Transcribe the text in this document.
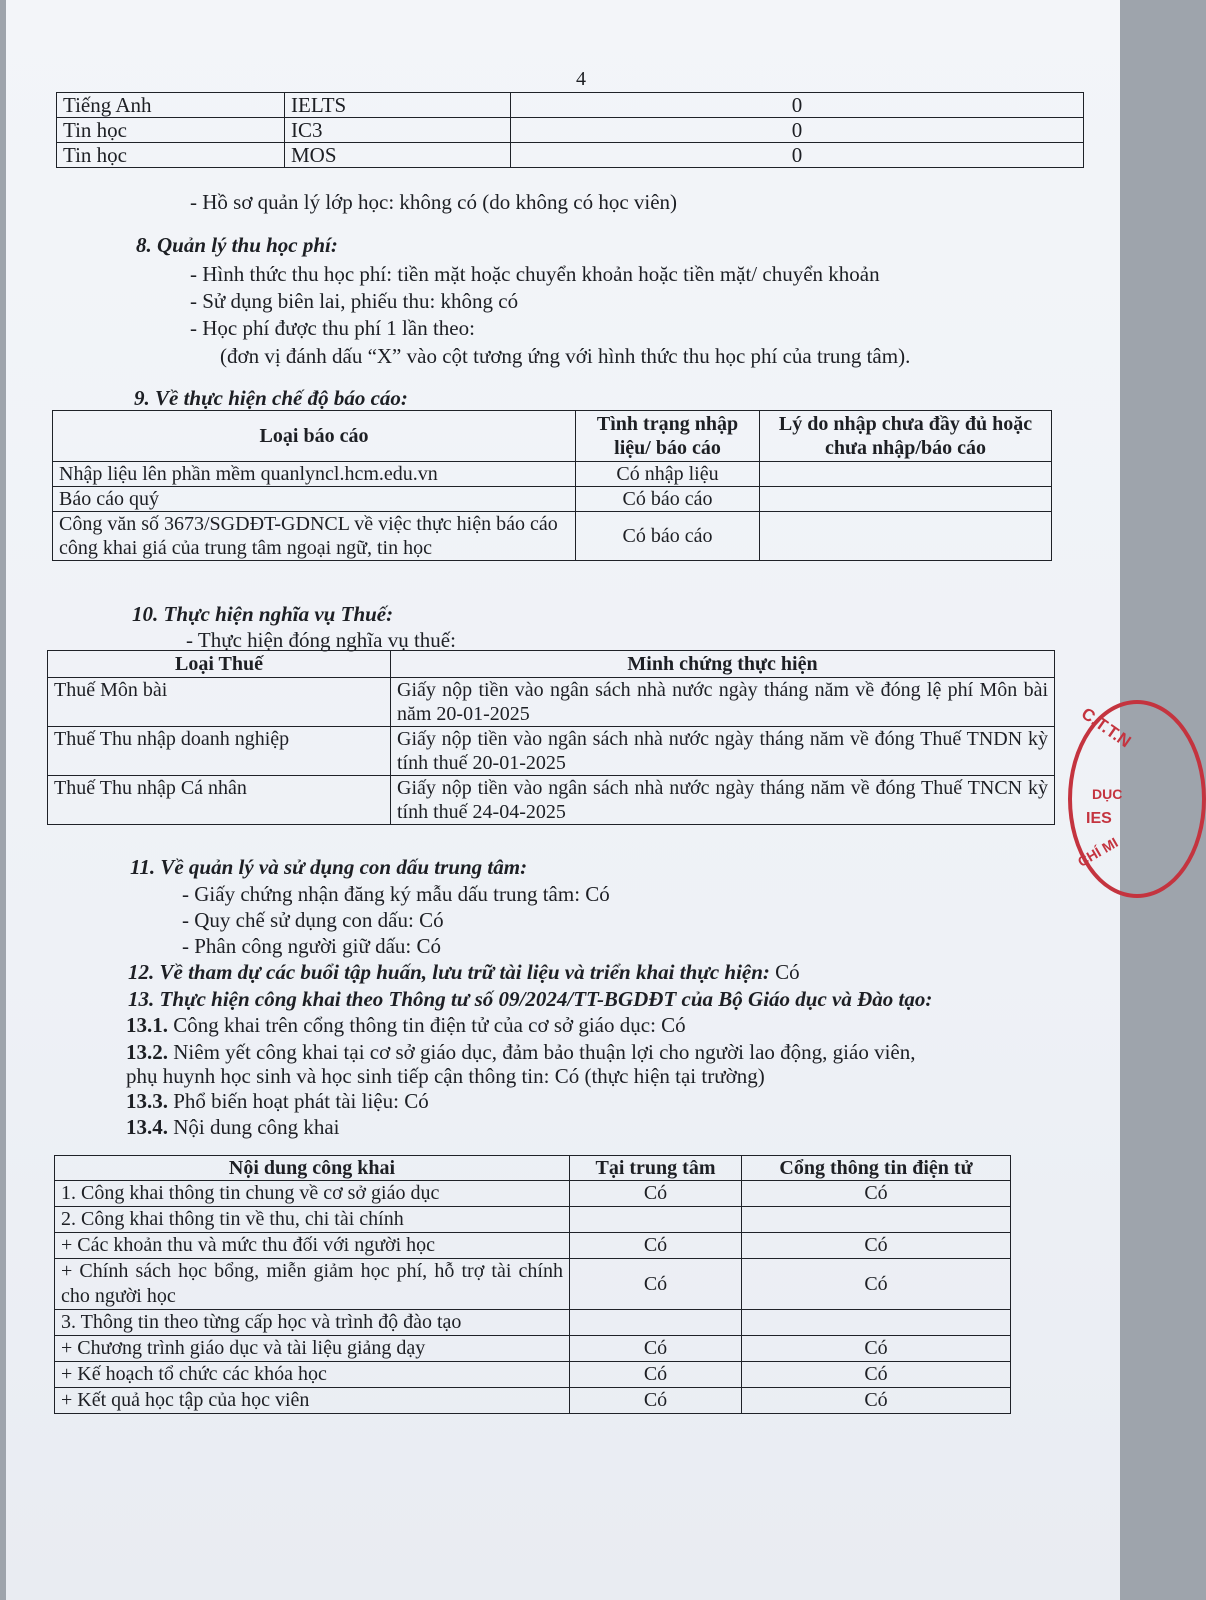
4
Tiếng Anh	IELTS	0
Tin học	IC3	0
Tin học	MOS	0
- Hồ sơ quản lý lớp học: không có (do không có học viên)
8. Quản lý thu học phí:
- Hình thức thu học phí: tiền mặt hoặc chuyển khoản hoặc tiền mặt/ chuyển khoản
- Sử dụng biên lai, phiếu thu: không có
- Học phí được thu phí 1 lần theo:
(đơn vị đánh dấu “X” vào cột tương ứng với hình thức thu học phí của trung tâm).
9. Về thực hiện chế độ báo cáo:
Loại báo cáo	Tình trạng nhập liệu/ báo cáo	Lý do nhập chưa đầy đủ hoặc chưa nhập/báo cáo
Nhập liệu lên phần mềm quanlyncl.hcm.edu.vn	Có nhập liệu	
Báo cáo quý	Có báo cáo	
Công văn số 3673/SGDĐT-GDNCL về việc thực hiện báo cáo công khai giá của trung tâm ngoại ngữ, tin học	Có báo cáo	
10. Thực hiện nghĩa vụ Thuế:
- Thực hiện đóng nghĩa vụ thuế:
Loại Thuế	Minh chứng thực hiện
Thuế Môn bài	Giấy nộp tiền vào ngân sách nhà nước ngày tháng năm về đóng lệ phí Môn bài năm 20-01-2025
Thuế Thu nhập doanh nghiệp	Giấy nộp tiền vào ngân sách nhà nước ngày tháng năm về đóng Thuế TNDN kỳ tính thuế 20-01-2025
Thuế Thu nhập Cá nhân	Giấy nộp tiền vào ngân sách nhà nước ngày tháng năm về đóng Thuế TNCN kỳ tính thuế 24-04-2025
11. Về quản lý và sử dụng con dấu trung tâm:
- Giấy chứng nhận đăng ký mẫu dấu trung tâm: Có
- Quy chế sử dụng con dấu: Có
- Phân công người giữ dấu: Có
12. Về tham dự các buổi tập huấn, lưu trữ tài liệu và triển khai thực hiện: Có
13. Thực hiện công khai theo Thông tư số 09/2024/TT-BGDĐT của Bộ Giáo dục và Đào tạo:
13.1. Công khai trên cổng thông tin điện tử của cơ sở giáo dục: Có
13.2. Niêm yết công khai tại cơ sở giáo dục, đảm bảo thuận lợi cho người lao động, giáo viên,
phụ huynh học sinh và học sinh tiếp cận thông tin: Có (thực hiện tại trường)
13.3. Phổ biến hoạt phát tài liệu: Có
13.4. Nội dung công khai
Nội dung công khai	Tại trung tâm	Cổng thông tin điện tử
1. Công khai thông tin chung về cơ sở giáo dục	Có	Có
2. Công khai thông tin về thu, chi tài chính		
+ Các khoản thu và mức thu đối với người học	Có	Có
+ Chính sách học bổng, miễn giảm học phí, hỗ trợ tài chính cho người học	Có	Có
3. Thông tin theo từng cấp học và trình độ đào tạo		
+ Chương trình giáo dục và tài liệu giảng dạy	Có	Có
+ Kế hoạch tổ chức các khóa học	Có	Có
+ Kết quả học tập của học viên	Có	Có
C.T.T.N
DỤC
IES
CHÍ MI
